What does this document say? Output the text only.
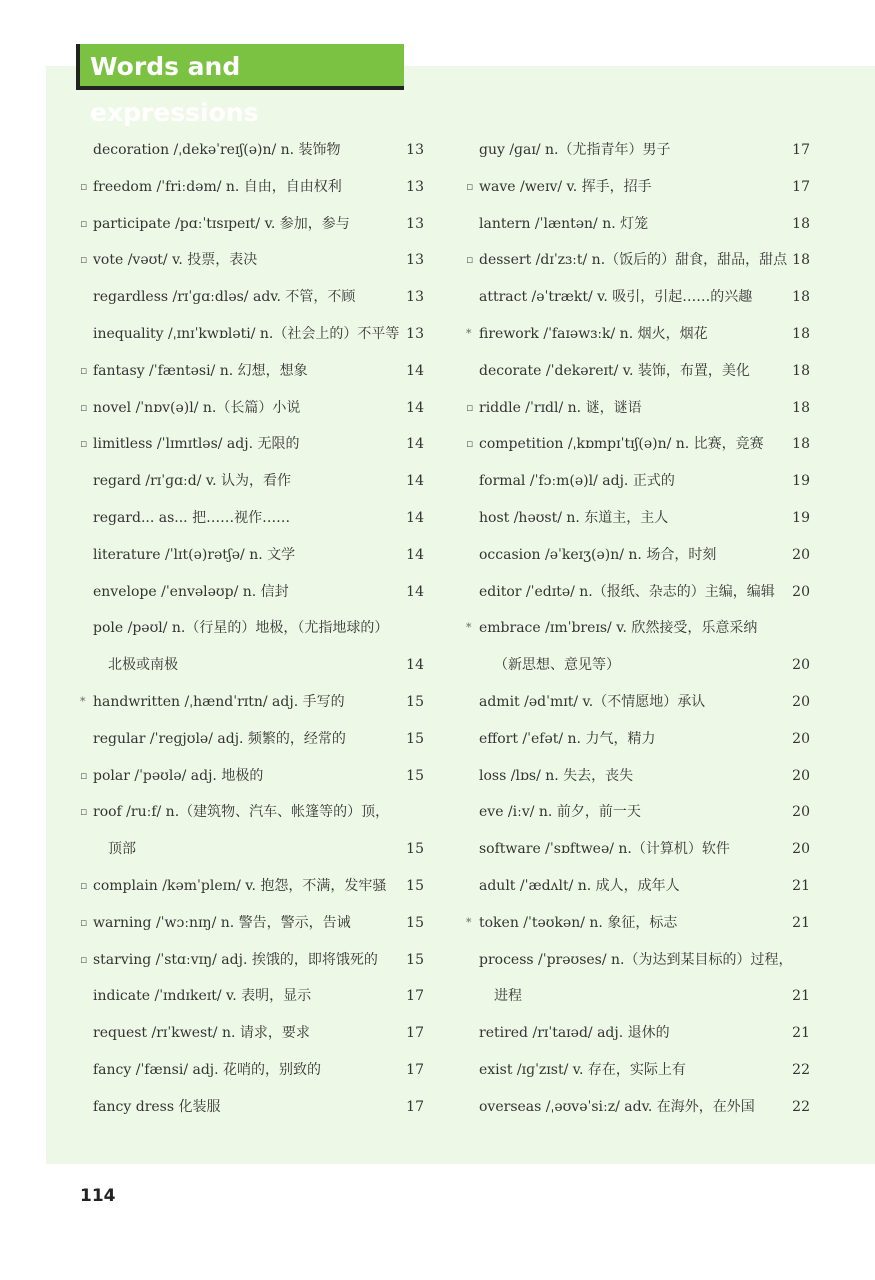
Words and expressions
decoration /ˌdekəˈreɪʃ(ə)n/ n. 装饰物	13
▫ freedom /ˈfriːdəm/ n. 自由，自由权利	13
▫ participate /pɑːˈtɪsɪpeɪt/ v. 参加，参与	13
▫ vote /vəʊt/ v. 投票，表决	13
regardless /rɪˈɡɑːdləs/ adv. 不管，不顾	13
inequality /ˌɪnɪˈkwɒləti/ n.（社会上的）不平等 13
▫ fantasy /ˈfæntəsi/ n. 幻想，想象	14
▫ novel /ˈnɒv(ə)l/ n.（长篇）小说	14
▫ limitless /ˈlɪmɪtləs/ adj. 无限的	14
regard /rɪˈɡɑːd/ v. 认为，看作	14
regard... as... 把……视作……	14
literature /ˈlɪt(ə)rətʃə/ n. 文学	14
envelope /ˈenvələʊp/ n. 信封	14
pole /pəʊl/ n.（行星的）地极，（尤指地球的）
北极或南极	14
* handwritten /ˌhændˈrɪtn/ adj. 手写的	15
regular /ˈreɡjʊlə/ adj. 频繁的，经常的	15
▫ polar /ˈpəʊlə/ adj. 地极的	15
▫ roof /ruːf/ n.（建筑物、汽车、帐篷等的）顶，
顶部	15
▫ complain /kəmˈpleɪn/ v. 抱怨，不满，发牢骚 15
▫ warning /ˈwɔːnɪŋ/ n. 警告，警示，告诫	15
▫ starving /ˈstɑːvɪŋ/ adj. 挨饿的，即将饿死的 15
indicate /ˈɪndɪkeɪt/ v. 表明，显示	17
request /rɪˈkwest/ n. 请求，要求	17
fancy /ˈfænsi/ adj. 花哨的，别致的	17
fancy dress 化装服	17
guy /ɡaɪ/ n.（尤指青年）男子	17
▫ wave /weɪv/ v. 挥手，招手	17
lantern /ˈlæntən/ n. 灯笼	18
▫ dessert /dɪˈzɜːt/ n.（饭后的）甜食，甜品，甜点 18
attract /əˈtrækt/ v. 吸引，引起……的兴趣	18
* firework /ˈfaɪəwɜːk/ n. 烟火，烟花	18
decorate /ˈdekəreɪt/ v. 装饰，布置，美化	18
▫ riddle /ˈrɪdl/ n. 谜，谜语	18
▫ competition /ˌkɒmpɪˈtɪʃ(ə)n/ n. 比赛，竞赛 18
formal /ˈfɔːm(ə)l/ adj. 正式的	19
host /həʊst/ n. 东道主，主人	19
occasion /əˈkeɪʒ(ə)n/ n. 场合，时刻	20
editor /ˈedɪtə/ n.（报纸、杂志的）主编，编辑 20
* embrace /ɪmˈbreɪs/ v. 欣然接受，乐意采纳
（新思想、意见等）	20
admit /ədˈmɪt/ v.（不情愿地）承认	20
effort /ˈefət/ n. 力气，精力	20
loss /lɒs/ n. 失去，丧失	20
eve /iːv/ n. 前夕，前一天	20
software /ˈsɒftweə/ n.（计算机）软件	20
adult /ˈædʌlt/ n. 成人，成年人	21
* token /ˈtəʊkən/ n. 象征，标志	21
process /ˈprəʊses/ n.（为达到某目标的）过程，
进程	21
retired /rɪˈtaɪəd/ adj. 退休的	21
exist /ɪɡˈzɪst/ v. 存在，实际上有	22
overseas /ˌəʊvəˈsiːz/ adv. 在海外，在外国	22
114
